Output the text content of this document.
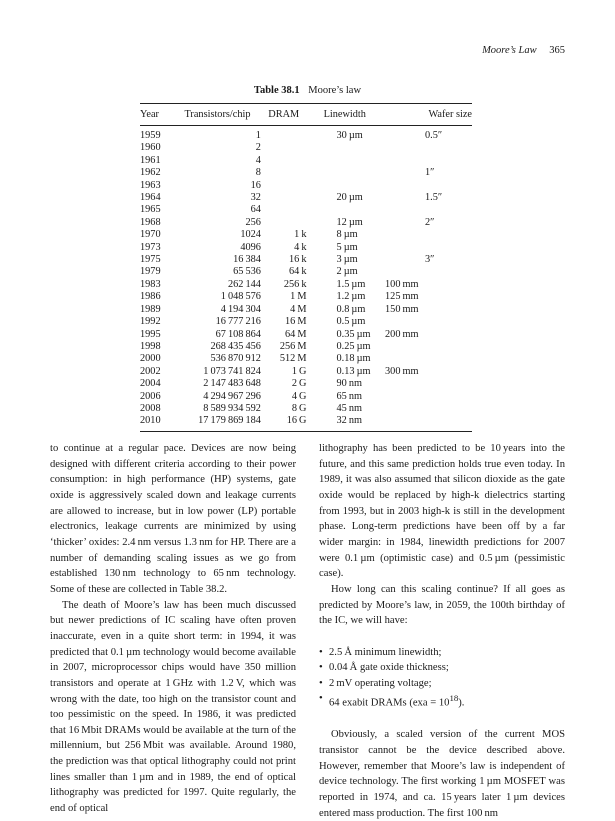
Moore’s Law 365
Table 38.1 Moore’s law
Year	Transistors/chip	DRAM	Linewidth	Wafer size
1959	1		30 µm	0.5″
1960	2			
1961	4			
1962	8			1″
1963	16			
1964	32		20 µm	1.5″
1965	64			
1968	256		12 µm	2″
1970	1024	1 k	8 µm	
1973	4096	4 k	5 µm	
1975	16 384	16 k	3 µm	3″
1979	65 536	64 k	2 µm	
1983	262 144	256 k	1.5 µm	100 mm
1986	1 048 576	1 M	1.2 µm	125 mm
1989	4 194 304	4 M	0.8 µm	150 mm
1992	16 777 216	16 M	0.5 µm	
1995	67 108 864	64 M	0.35 µm	200 mm
1998	268 435 456	256 M	0.25 µm	
2000	536 870 912	512 M	0.18 µm	
2002	1 073 741 824	1 G	0.13 µm	300 mm
2004	2 147 483 648	2 G	90 nm	
2006	4 294 967 296	4 G	65 nm	
2008	8 589 934 592	8 G	45 nm	
2010	17 179 869 184	16 G	32 nm	

to continue at a regular pace. Devices are now being designed with different criteria according to their power consumption: in high performance (HP) systems, gate oxide is aggressively scaled down and leakage currents are allowed to increase, but in low power (LP) portable electronics, leakage currents are minimized by using ‘thicker’ oxides: 2.4 nm versus 1.3 nm for HP. There are a number of demanding scaling issues as we go from established 130 nm technology to 65 nm technology. Some of these are collected in Table 38.2.

The death of Moore’s law has been much discussed but newer predictions of IC scaling have often proven inaccurate, even in a quite short term: in 1994, it was predicted that 0.1 µm technology would become available in 2007, microprocessor chips would have 350 million transistors and operate at 1 GHz with 1.2 V, which was wrong with the date, too high on the transistor count and too pessimistic on the speed. In 1986, it was predicted that 16 Mbit DRAMs would be available at the turn of the millennium, but 256 Mbit was available. Around 1980, the prediction was that optical lithography could not print lines smaller than 1 µm and in 1989, the end of optical lithography was predicted for 1997. Quite regularly, the end of optical

lithography has been predicted to be 10 years into the future, and this same prediction holds true even today. In 1989, it was also assumed that silicon dioxide as the gate oxide would be replaced by high-k dielectrics starting from 1993, but in 2003 high-k is still in the development phase. Long-term predictions have been off by a far wider margin: in 1984, linewidth predictions for 2007 were 0.1 µm (optimistic case) and 0.5 µm (pessimistic case).

How long can this scaling continue? If all goes as predicted by Moore’s law, in 2059, the 100th birthday of the IC, we will have:

• 2.5 Å minimum linewidth;
• 0.04 Å gate oxide thickness;
• 2 mV operating voltage;
• 64 exabit DRAMs $(exa = 10^{18})$.

Obviously, a scaled version of the current MOS transistor cannot be the device described above. However, remember that Moore’s law is independent of device technology. The first working 1 µm MOSFET was reported in 1974, and ca. 15 years later 1 µm devices entered mass production. The first 100 nm
